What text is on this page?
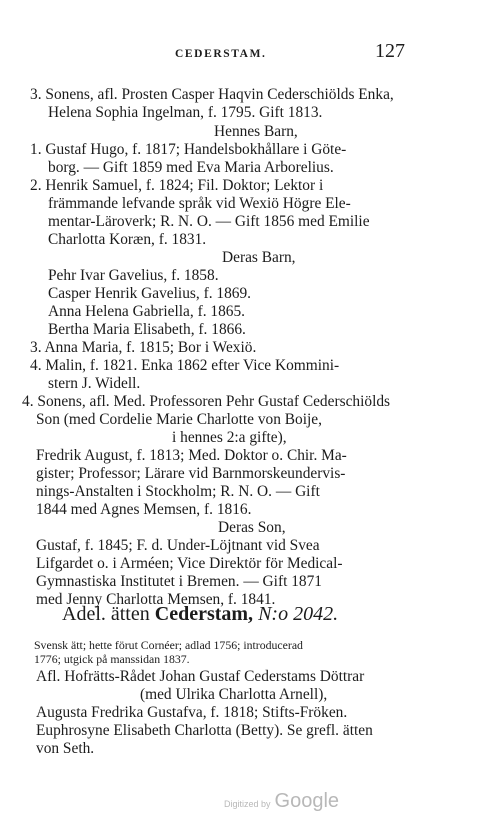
CEDERSTAM.	127
3. Sonens, afl. Prosten Casper Haqvin Cederschiölds Enka,
Helena Sophia Ingelman, f. 1795. Gift 1813.
Hennes Barn,
1. Gustaf Hugo, f. 1817; Handelsbokhållare i Göte-
borg. — Gift 1859 med Eva Maria Arborelius.
2. Henrik Samuel, f. 1824; Fil. Doktor; Lektor i
främmande lefvande språk vid Wexiö Högre Ele-
mentar-Läroverk; R. N. O. — Gift 1856 med Emilie
Charlotta Koræn, f. 1831.
Deras Barn,
Pehr Ivar Gavelius, f. 1858.
Casper Henrik Gavelius, f. 1869.
Anna Helena Gabriella, f. 1865.
Bertha Maria Elisabeth, f. 1866.
3. Anna Maria, f. 1815; Bor i Wexiö.
4. Malin, f. 1821. Enka 1862 efter Vice Kommini-
stern J. Widell.
4. Sonens, afl. Med. Professoren Pehr Gustaf Cederschiölds
Son (med Cordelie Marie Charlotte von Boije,
i hennes 2:a gifte),
Fredrik August, f. 1813; Med. Doktor o. Chir. Ma-
gister; Professor; Lärare vid Barnmorskeundervis-
nings-Anstalten i Stockholm; R. N. O. — Gift
1844 med Agnes Memsen, f. 1816.
Deras Son,
Gustaf, f. 1845; F. d. Under-Löjtnant vid Svea
Lifgardet o. i Arméen; Vice Direktör för Medical-
Gymnastiska Institutet i Bremen. — Gift 1871
med Jenny Charlotta Memsen, f. 1841.
Adel. ätten Cederstam, N:o 2042.
Svensk ätt; hette förut Cornéer; adlad 1756; introducerad
1776; utgick på manssidan 1837.
Afl. Hofrätts-Rådet Johan Gustaf Cederstams Döttrar
(med Ulrika Charlotta Arnell),
Augusta Fredrika Gustafva, f. 1818; Stifts-Fröken.
Euphrosyne Elisabeth Charlotta (Betty). Se grefl. ätten
von Seth.
Digitized by Google
